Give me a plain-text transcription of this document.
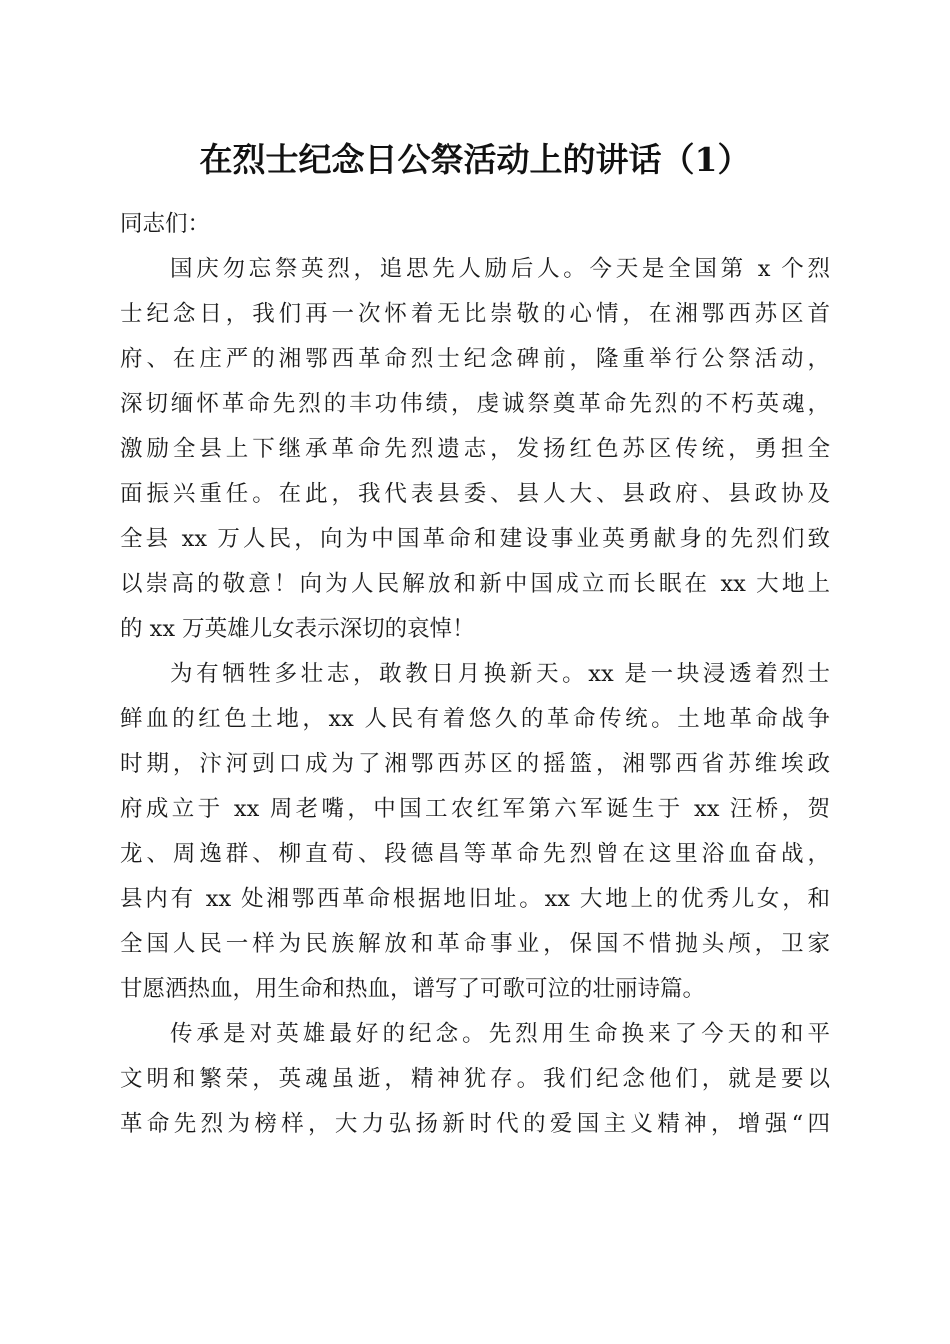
在烈士纪念日公祭活动上的讲话（1）

同志们：

国庆勿忘祭英烈，追思先人励后人。今天是全国第 x 个烈
士纪念日，我们再一次怀着无比崇敬的心情，在湘鄂西苏区首
府、在庄严的湘鄂西革命烈士纪念碑前，隆重举行公祭活动，
深切缅怀革命先烈的丰功伟绩，虔诚祭奠革命先烈的不朽英魂，
激励全县上下继承革命先烈遗志，发扬红色苏区传统，勇担全
面振兴重任。在此，我代表县委、县人大、县政府、县政协及
全县 xx 万人民，向为中国革命和建设事业英勇献身的先烈们致
以崇高的敬意！向为人民解放和新中国成立而长眠在 xx 大地上
的 xx 万英雄儿女表示深切的哀悼！

为有牺牲多壮志，敢教日月换新天。xx 是一块浸透着烈士
鲜血的红色土地，xx 人民有着悠久的革命传统。土地革命战争
时期，汴河剅口成为了湘鄂西苏区的摇篮，湘鄂西省苏维埃政
府成立于 xx 周老嘴，中国工农红军第六军诞生于 xx 汪桥，贺
龙、周逸群、柳直荀、段德昌等革命先烈曾在这里浴血奋战，
县内有 xx 处湘鄂西革命根据地旧址。xx 大地上的优秀儿女，和
全国人民一样为民族解放和革命事业，保国不惜抛头颅，卫家
甘愿洒热血，用生命和热血，谱写了可歌可泣的壮丽诗篇。

传承是对英雄最好的纪念。先烈用生命换来了今天的和平
文明和繁荣，英魂虽逝，精神犹存。我们纪念他们，就是要以
革命先烈为榜样，大力弘扬新时代的爱国主义精神，增强“四
